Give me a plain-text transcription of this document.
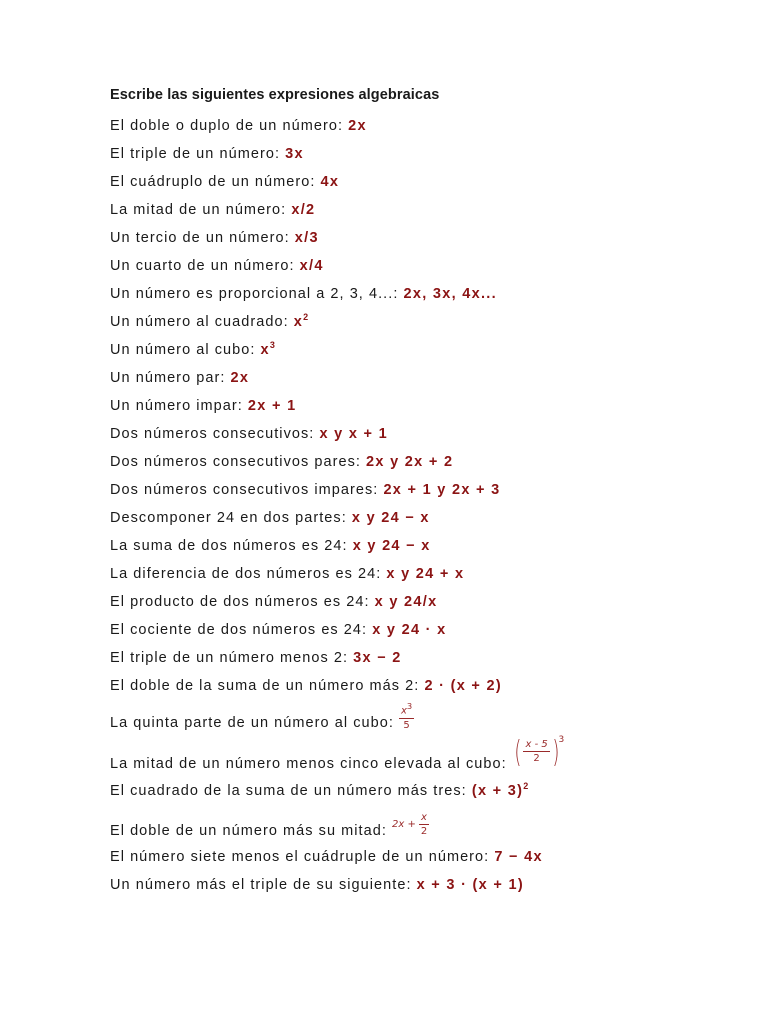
Escribe las siguientes expresiones algebraicas
El doble o duplo de un número: 2x
El triple de un número: 3x
El cuádruplo de un número: 4x
La mitad de un número: x/2
Un tercio de un número: x/3
Un cuarto de un número: x/4
Un número es proporcional a 2, 3, 4...: 2x, 3x, 4x...
Un número al cuadrado: $x^2$
Un número al cubo: $x^3$
Un número par: 2x
Un número impar: 2x + 1
Dos números consecutivos: x y x + 1
Dos números consecutivos pares: 2x y 2x + 2
Dos números consecutivos impares: 2x + 1 y 2x + 3
Descomponer 24 en dos partes: x y 24 − x
La suma de dos números es 24: x y 24 − x
La diferencia de dos números es 24: x y 24 + x
El producto de dos números es 24: x y 24/x
El cociente de dos números es 24: x y 24 · x
El triple de un número menos 2: 3x − 2
El doble de la suma de un número más 2: 2 · (x + 2)
La quinta parte de un número al cubo: $\frac{x^3}{5}$
La mitad de un número menos cinco elevada al cubo: ( $\frac{x - 5}{2} )3$
El cuadrado de la suma de un número más tres: $(x + 3)^2$
El doble de un número más su mitad: $2x + \frac{x}{2}$
El número siete menos el cuádruple de un número: 7 − 4x
Un número más el triple de su siguiente: x + 3 · (x + 1)
